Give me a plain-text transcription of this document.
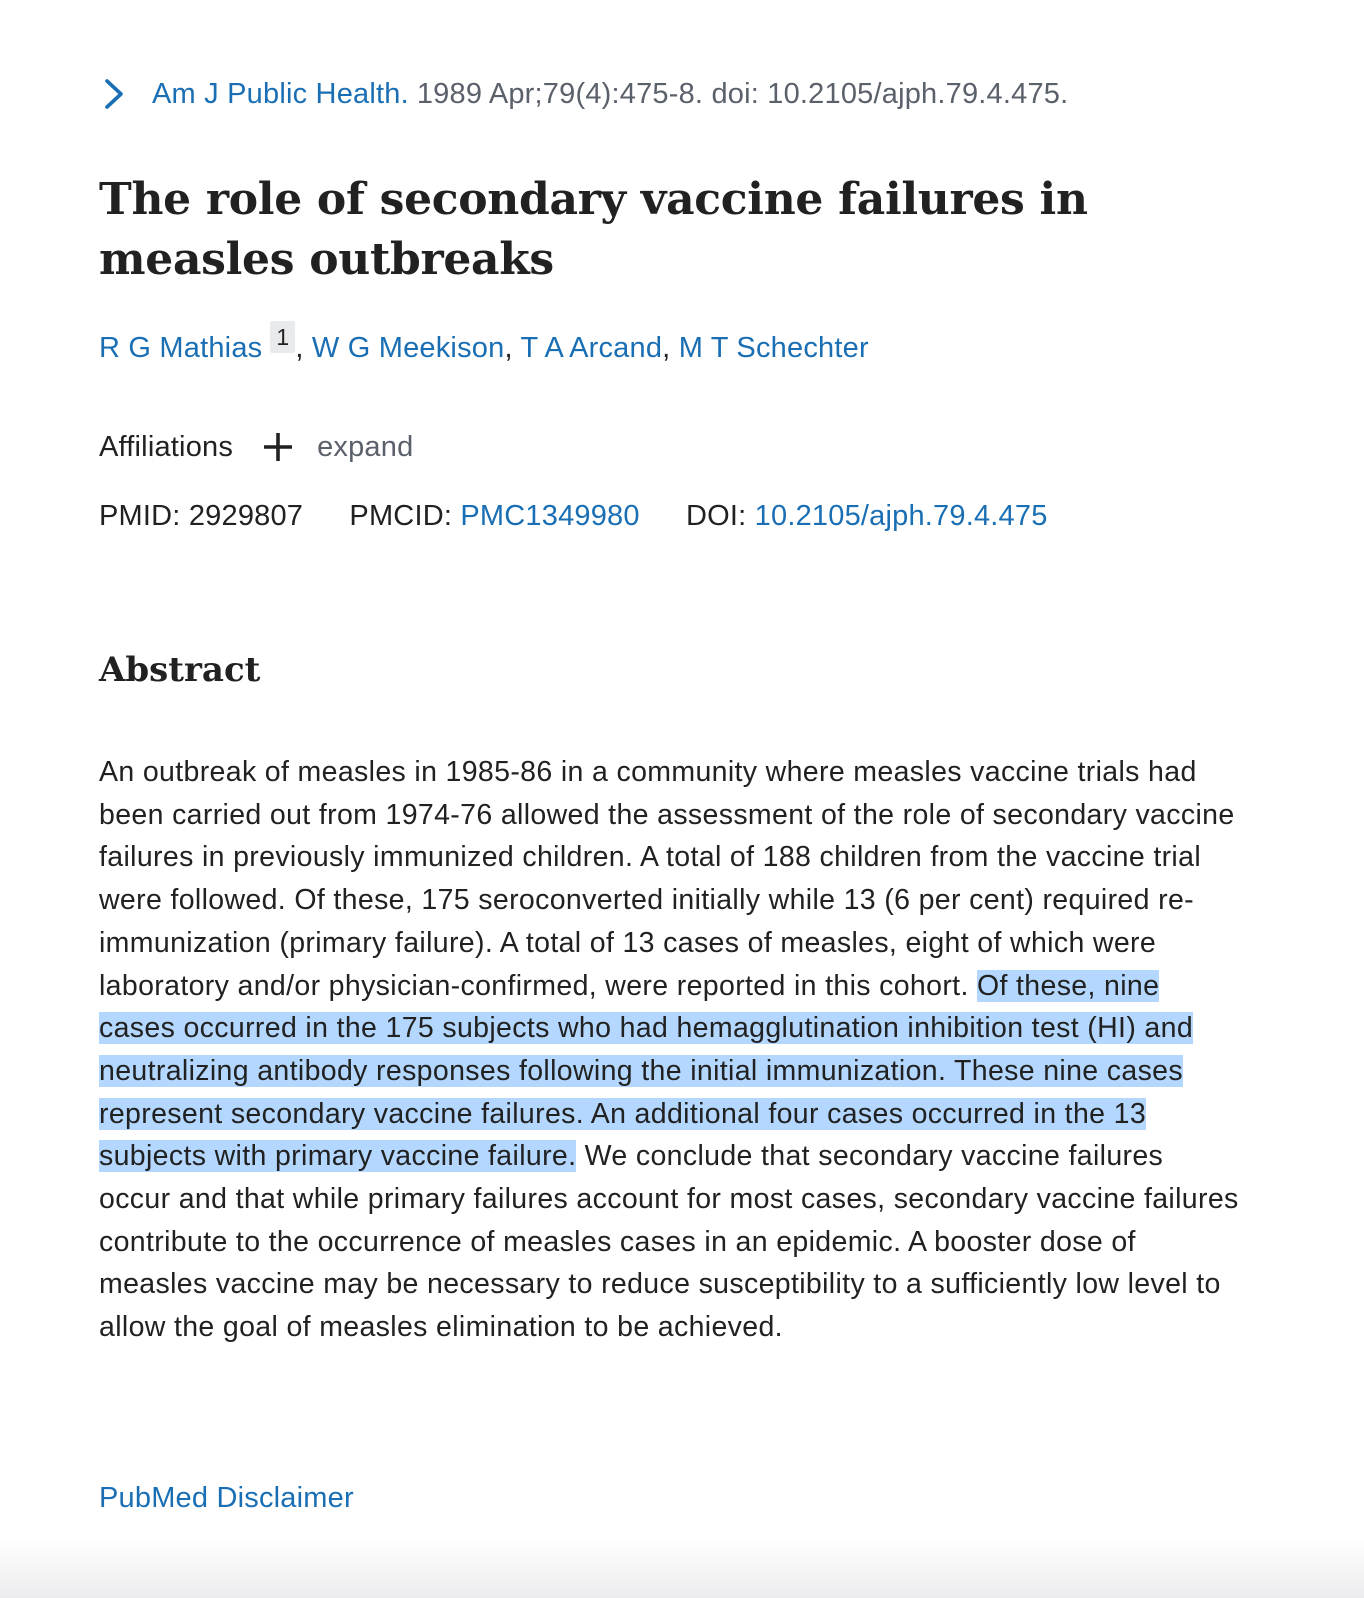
Am J Public Health. 1989 Apr;79(4):475-8. doi: 10.2105/ajph.79.4.475.
The role of secondary vaccine failures in measles outbreaks
R G Mathias 1 , W G Meekison, T A Arcand, M T Schechter
Affiliations	expand
PMID: 2929807 PMCID: PMC1349980 DOI: 10.2105/ajph.79.4.475
Abstract

An outbreak of measles in 1985-86 in a community where measles vaccine trials had been carried out from 1974-76 allowed the assessment of the role of secondary vaccine failures in previously immunized children. A total of 188 children from the vaccine trial were followed. Of these, 175 seroconverted initially while 13 (6 per cent) required re-immunization (primary failure). A total of 13 cases of measles, eight of which were laboratory and/or physician-confirmed, were reported in this cohort. Of these, nine cases occurred in the 175 subjects who had hemagglutination inhibition test (HI) and neutralizing antibody responses following the initial immunization. These nine cases represent secondary vaccine failures. An additional four cases occurred in the 13 subjects with primary vaccine failure. We conclude that secondary vaccine failures occur and that while primary failures account for most cases, secondary vaccine failures contribute to the occurrence of measles cases in an epidemic. A booster dose of measles vaccine may be necessary to reduce susceptibility to a sufficiently low level to allow the goal of measles elimination to be achieved.

PubMed Disclaimer
